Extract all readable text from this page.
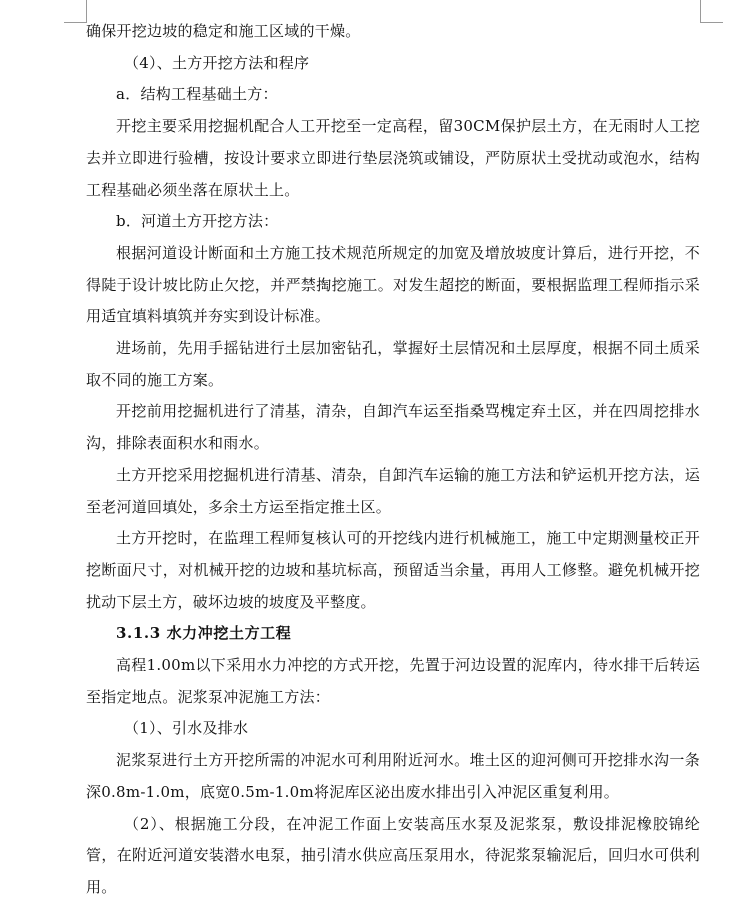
确保开挖边坡的稳定和施工区域的干燥。

（4）、土方开挖方法和程序

a．结构工程基础土方：

开挖主要采用挖掘机配合人工开挖至一定高程，留30CM保护层土方，在无雨时人工挖去并立即进行验槽，按设计要求立即进行垫层浇筑或铺设，严防原状土受扰动或泡水，结构工程基础必须坐落在原状土上。

b．河道土方开挖方法：

根据河道设计断面和土方施工技术规范所规定的加宽及增放坡度计算后，进行开挖，不得陡于设计坡比防止欠挖，并严禁掏挖施工。对发生超挖的断面，要根据监理工程师指示采用适宜填料填筑并夯实到设计标准。

进场前，先用手摇钻进行土层加密钻孔，掌握好土层情况和土层厚度，根据不同土质采取不同的施工方案。

开挖前用挖掘机进行了清基，清杂，自卸汽车运至指桑骂槐定弃土区，并在四周挖排水沟，排除表面积水和雨水。

土方开挖采用挖掘机进行清基、清杂，自卸汽车运输的施工方法和铲运机开挖方法，运至老河道回填处，多余土方运至指定推土区。

土方开挖时，在监理工程师复核认可的开挖线内进行机械施工，施工中定期测量校正开挖断面尺寸，对机械开挖的边坡和基坑标高，预留适当余量，再用人工修整。避免机械开挖扰动下层土方，破坏边坡的坡度及平整度。

3.1.3 水力冲挖土方工程

高程1.00m以下采用水力冲挖的方式开挖，先置于河边设置的泥库内，待水排干后转运至指定地点。泥浆泵冲泥施工方法：

（1）、引水及排水

泥浆泵进行土方开挖所需的冲泥水可利用附近河水。堆土区的迎河侧可开挖排水沟一条深0.8m-1.0m，底宽0.5m-1.0m将泥库区泌出废水排出引入冲泥区重复利用。

（2）、根据施工分段，在冲泥工作面上安装高压水泵及泥浆泵，敷设排泥橡胶锦纶管，在附近河道安装潜水电泵，抽引清水供应高压泵用水，待泥浆泵输泥后，回归水可供利用。
